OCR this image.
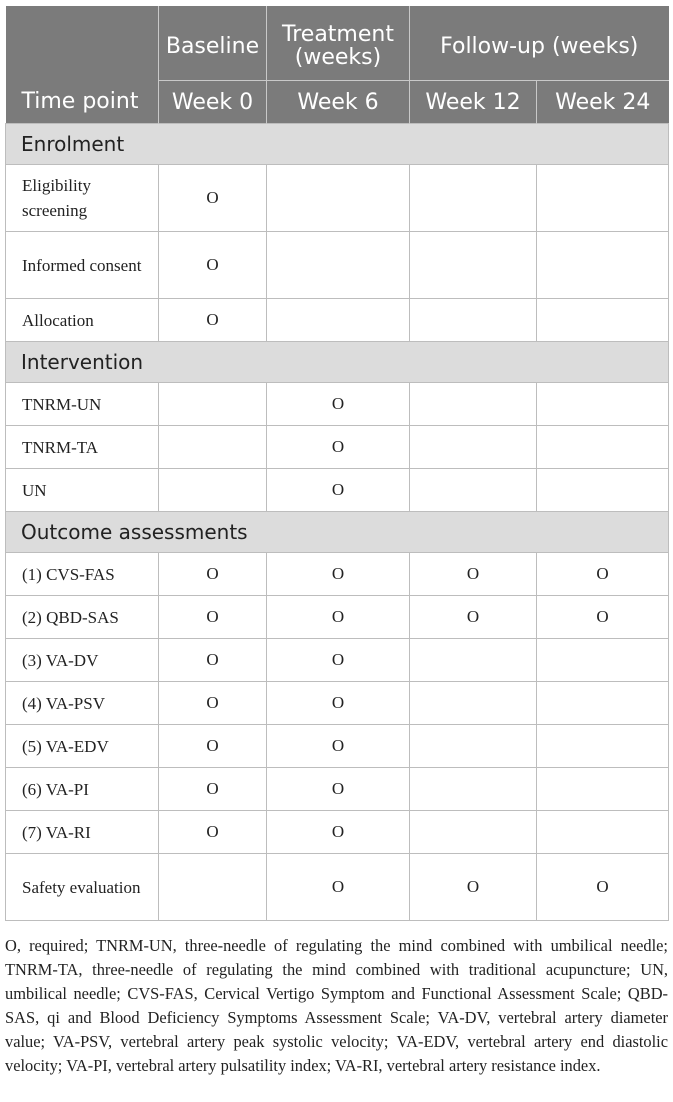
	Baseline	Treatment (weeks)	Follow-up (weeks)	
Time point	Week 0	Week 6	Week 12	Week 24
Enrolment				
Eligibility screening	O			
Informed consent	O			
Allocation	O			
Intervention				
TNRM-UN		O		
TNRM-TA		O		
UN		O		
Outcome assessments				
(1) CVS-FAS	O	O	O	O
(2) QBD-SAS	O	O	O	O
(3) VA-DV	O	O		
(4) VA-PSV	O	O		
(5) VA-EDV	O	O		
(6) VA-PI	O	O		
(7) VA-RI	O	O		
Safety evaluation		O	O	O
O, required; TNRM-UN, three-needle of regulating the mind combined with umbilical needle; TNRM-TA, three-needle of regulating the mind combined with traditional acupuncture; UN, umbilical needle; CVS-FAS, Cervical Vertigo Symptom and Functional Assessment Scale; QBD-SAS, qi and Blood Deficiency Symptoms Assessment Scale; VA-DV, vertebral artery diameter value; VA-PSV, vertebral artery peak systolic velocity; VA-EDV, vertebral artery end diastolic velocity; VA-PI, vertebral artery pulsatility index; VA-RI, vertebral artery resistance index.
